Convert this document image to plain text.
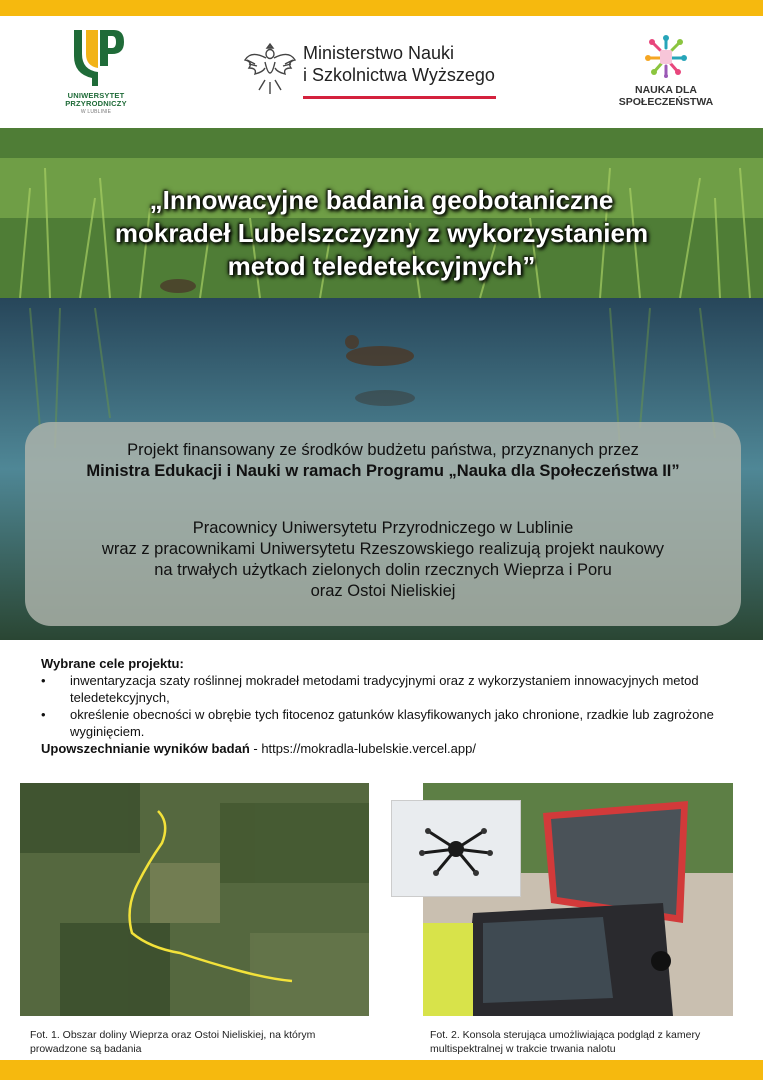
UNIWERSYTET
PRZYRODNICZY
W LUBLINIE
Ministerstwo Nauki
i Szkolnictwa Wyższego
NAUKA DLA
SPOŁECZEŃSTWA
„Innowacyjne badania geobotaniczne
mokradeł Lubelszczyzny z wykorzystaniem
metod teledetekcyjnych”

Projekt finansowany ze środków budżetu państwa, przyznanych przez

Ministra Edukacji i Nauki w ramach Programu „Nauka dla Społeczeństwa II”

Pracownicy Uniwersytetu Przyrodniczego w Lublinie

wraz z pracownikami Uniwersytetu Rzeszowskiego realizują projekt naukowy

na trwałych użytkach zielonych dolin rzecznych Wieprza i Poru

oraz Ostoi Nieliskiej

Wybrane cele projektu:
• inwentaryzacja szaty roślinnej mokradeł metodami tradycyjnymi oraz z wykorzystaniem innowacyjnych metod teledetekcyjnych,
• określenie obecności w obrębie tych fitocenoz gatunków klasyfikowanych jako chronione, rzadkie lub zagrożone wyginięciem.
Upowszechnianie wyników badań - https://mokradla-lubelskie.vercel.app/
Fot. 1. Obszar doliny Wieprza oraz Ostoi Nieliskiej, na którym prowadzone są badania
Fot. 2. Konsola sterująca umożliwiająca podgląd z kamery multispektralnej w trakcie trwania nalotu
